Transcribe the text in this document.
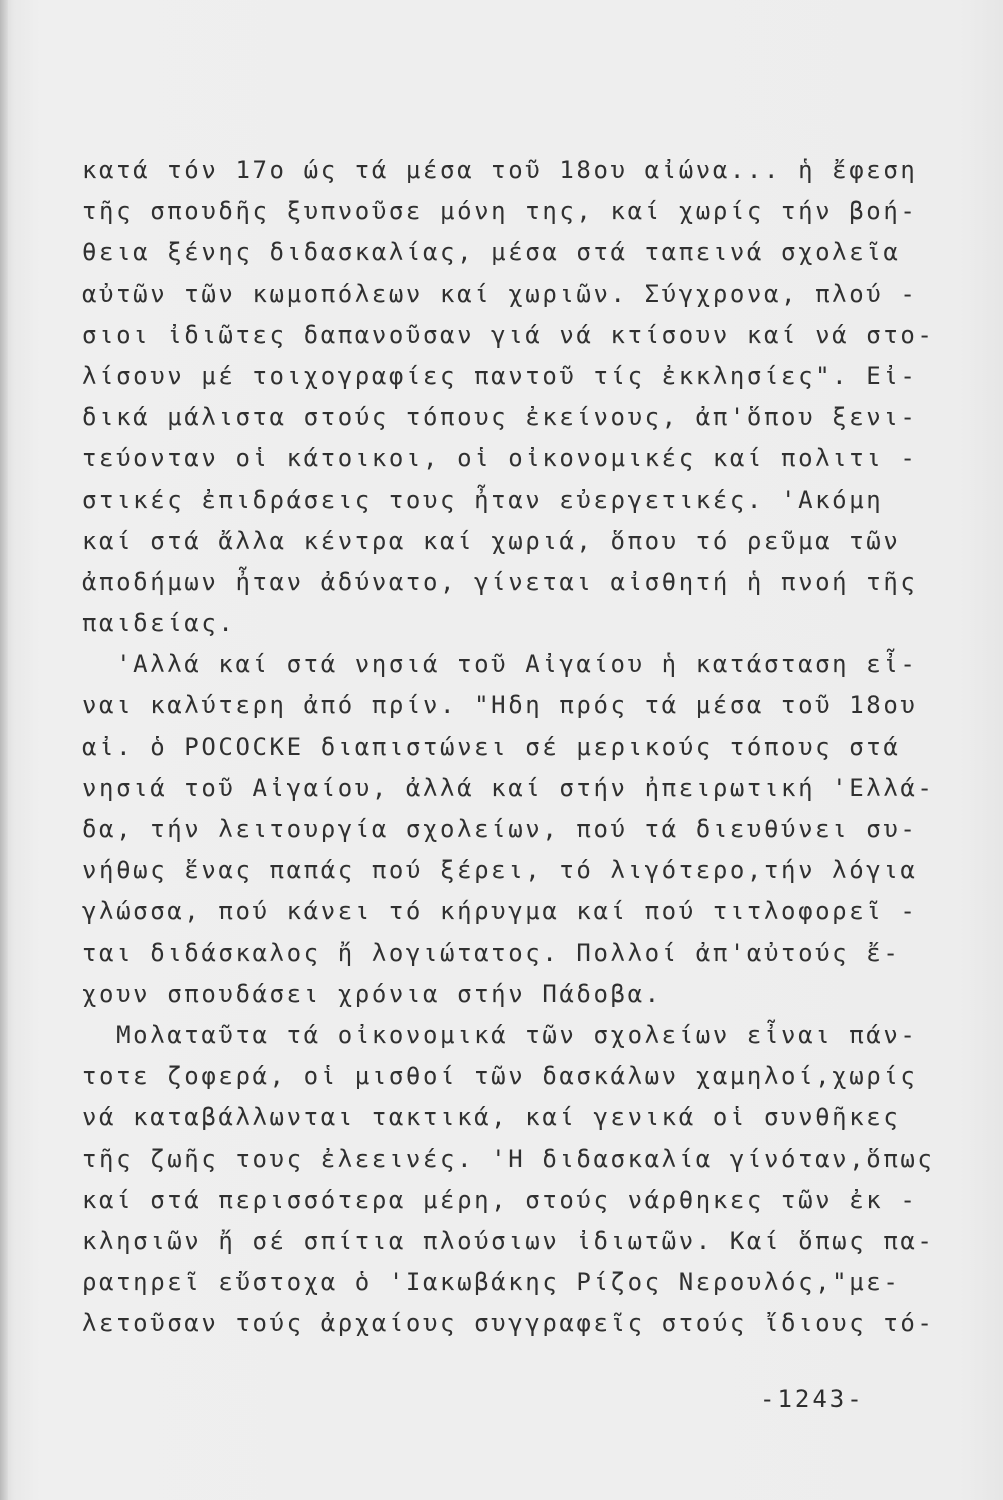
κατά τόν 17ο ώς τά μέσα τοῦ 18ου αἰώνα... ἡ ἔφεση
τῆς σπουδῆς ξυπνοῦσε μόνη της, καί χωρίς τήν βοή-
θεια ξένης διδασκαλίας, μέσα στά ταπεινά σχολεῖα
αὐτῶν τῶν κωμοπόλεων καί χωριῶν. Σύγχρονα, πλού -
σιοι ἰδιῶτες δαπανοῦσαν γιά νά κτίσουν καί νά στο-
λίσουν μέ τοιχογραφίες παντοῦ τίς ἐκκλησίες". Εἰ-
δικά μάλιστα στούς τόπους ἐκείνους, ἀπ'ὅπου ξενι-
τεύονταν οἱ κάτοικοι, οἱ οἰκονομικές καί πολιτι -
στικές ἐπιδράσεις τους ἦταν εὐεργετικές. 'Ακόμη
καί στά ἄλλα κέντρα καί χωριά, ὅπου τό ρεῦμα τῶν
ἀποδήμων ἦταν ἀδύνατο, γίνεται αἰσθητή ἡ πνοή τῆς
παιδείας.
'Αλλά καί στά νησιά τοῦ Αἰγαίου ἡ κατάσταση εἶ-
ναι καλύτερη ἀπό πρίν. "Ηδη πρός τά μέσα τοῦ 18ου
αἰ. ὁ POCOCKE διαπιστώνει σέ μερικούς τόπους στά
νησιά τοῦ Αἰγαίου, ἀλλά καί στήν ἠπειρωτική 'Ελλά-
δα, τήν λειτουργία σχολείων, πού τά διευθύνει συ-
νήθως ἕνας παπάς πού ξέρει, τό λιγότερο,τήν λόγια
γλώσσα, πού κάνει τό κήρυγμα καί πού τιτλοφορεῖ -
ται διδάσκαλος ἤ λογιώτατος. Πολλοί ἀπ'αὐτούς ἔ-
χουν σπουδάσει χρόνια στήν Πάδοβα.
Μολαταῦτα τά οἰκονομικά τῶν σχολείων εἶναι πάν-
τοτε ζοφερά, οἱ μισθοί τῶν δασκάλων χαμηλοί,χωρίς
νά καταβάλλωνται τακτικά, καί γενικά οἱ συνθῆκες
τῆς ζωῆς τους ἐλεεινές. 'Η διδασκαλία γίνόταν,ὅπως
καί στά περισσότερα μέρη, στούς νάρθηκες τῶν ἐκ -
κλησιῶν ἤ σέ σπίτια πλούσιων ἰδιωτῶν. Καί ὅπως πα-
ρατηρεῖ εὔστοχα ὁ 'Ιακωβάκης Ρίζος Νερουλός,"με-
λετοῦσαν τούς ἀρχαίους συγγραφεῖς στούς ἴδιους τό-
-1243-
